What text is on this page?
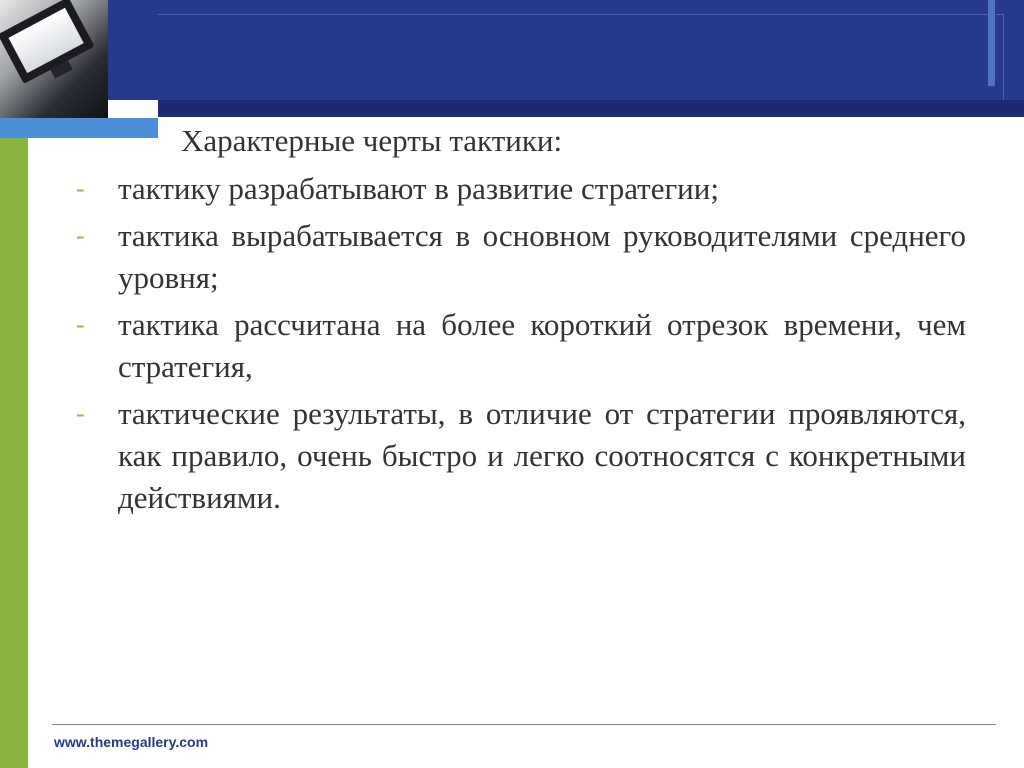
Характерные черты тактики:
- тактику разрабатывают в развитие стратегии;
- тактика вырабатывается в основном руководителями среднего уровня;
- тактика рассчитана на более короткий отрезок времени, чем стратегия,
- тактические результаты, в отличие от стратегии проявляются, как правило, очень быстро и легко соотносятся с конкретными действиями.
www.themegallery.com
